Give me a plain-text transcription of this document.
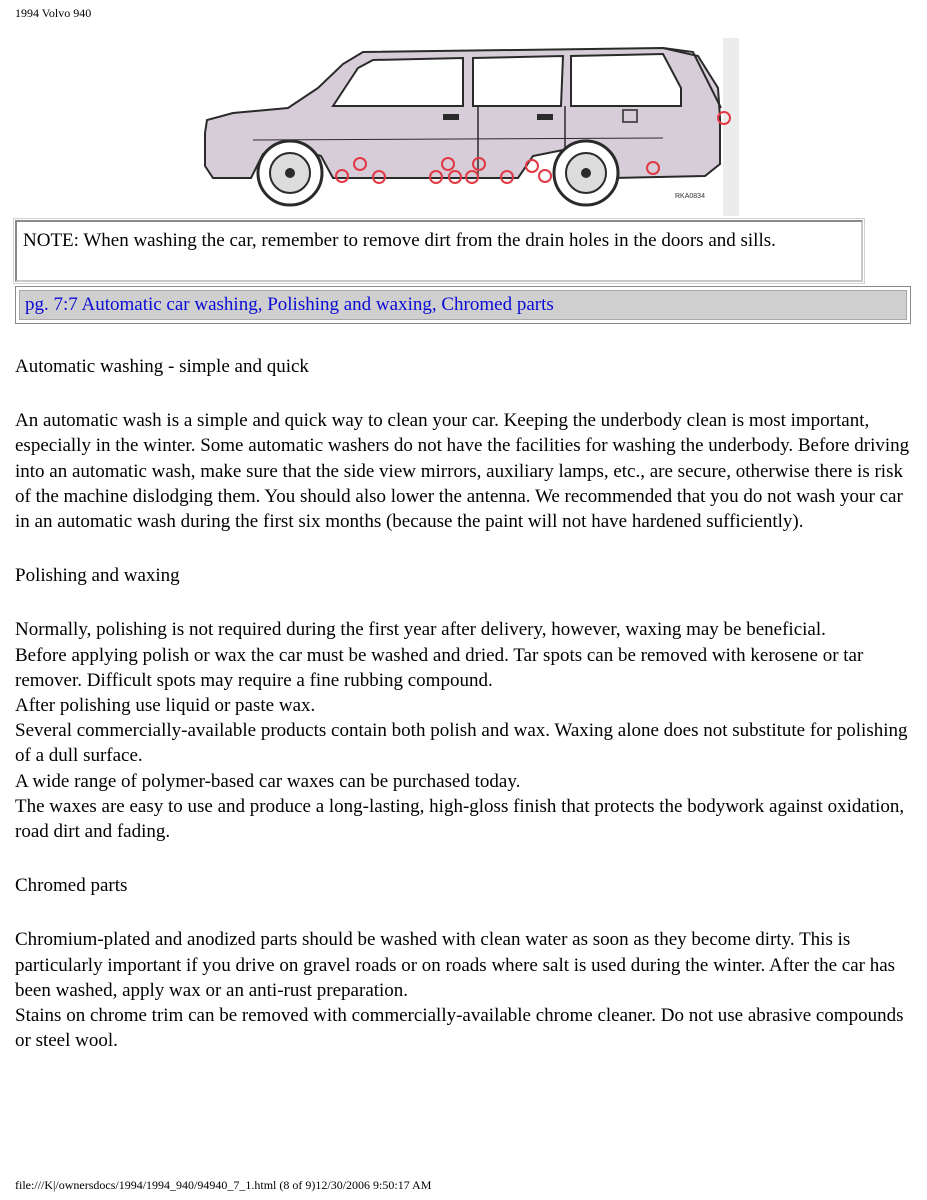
1994 Volvo 940
RKA0834
NOTE: When washing the car, remember to remove dirt from the drain holes in the doors and sills.
pg. 7:7 Automatic car washing, Polishing and waxing, Chromed parts

Automatic washing - simple and quick

An automatic wash is a simple and quick way to clean your car. Keeping the underbody clean is most important, especially in the winter. Some automatic washers do not have the facilities for washing the underbody. Before driving into an automatic wash, make sure that the side view mirrors, auxiliary lamps, etc., are secure, otherwise there is risk of the machine dislodging them. You should also lower the antenna. We recommended that you do not wash your car in an automatic wash during the first six months (because the paint will not have hardened sufficiently).

Polishing and waxing

Normally, polishing is not required during the first year after delivery, however, waxing may be beneficial.

Before applying polish or wax the car must be washed and dried. Tar spots can be removed with kerosene or tar remover. Difficult spots may require a fine rubbing compound.

After polishing use liquid or paste wax.

Several commercially-available products contain both polish and wax. Waxing alone does not substitute for polishing of a dull surface.

A wide range of polymer-based car waxes can be purchased today.

The waxes are easy to use and produce a long-lasting, high-gloss finish that protects the bodywork against oxidation, road dirt and fading.

Chromed parts

Chromium-plated and anodized parts should be washed with clean water as soon as they become dirty. This is particularly important if you drive on gravel roads or on roads where salt is used during the winter. After the car has been washed, apply wax or an anti-rust preparation.

Stains on chrome trim can be removed with commercially-available chrome cleaner. Do not use abrasive compounds or steel wool.

file:///K|/ownersdocs/1994/1994_940/94940_7_1.html (8 of 9)12/30/2006 9:50:17 AM
